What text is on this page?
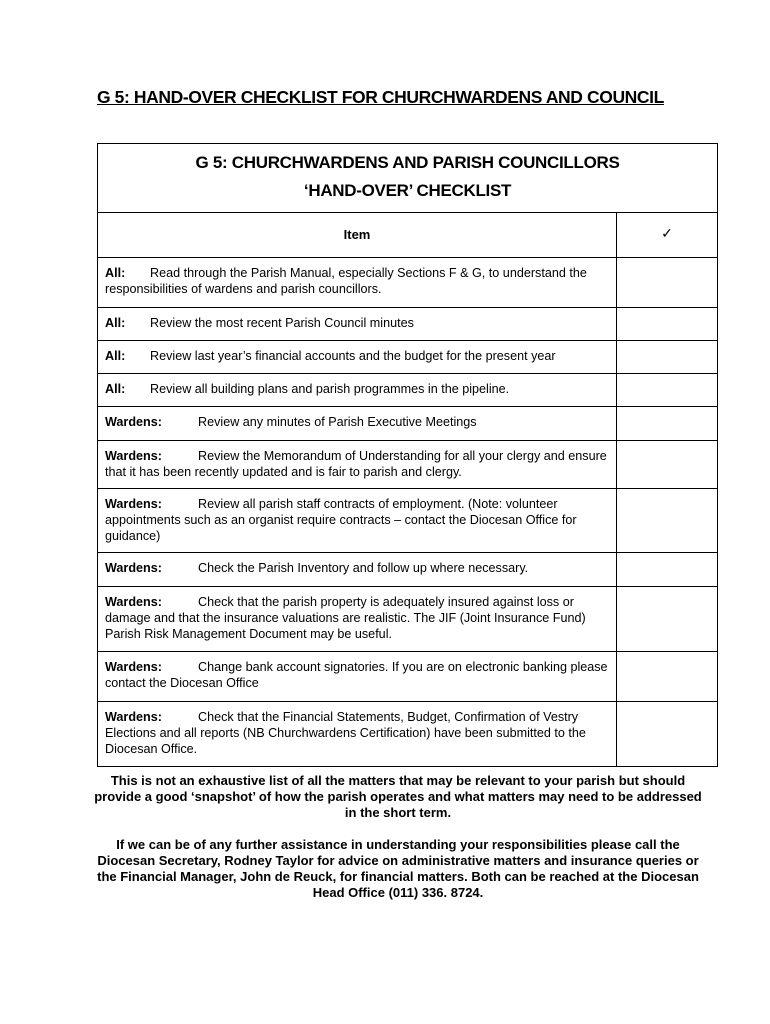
G 5: HAND-OVER CHECKLIST FOR CHURCHWARDENS AND COUNCIL
G 5: CHURCHWARDENS AND PARISH COUNCILLORS
‘HAND-OVER’ CHECKLIST	

Item	✓
All: Read through the Parish Manual, especially Sections F & G, to understand the responsibilities of wardens and parish councillors.	
All: Review the most recent Parish Council minutes	
All: Review last year’s financial accounts and the budget for the present year	
All: Review all building plans and parish programmes in the pipeline.	
Wardens: Review any minutes of Parish Executive Meetings	
Wardens: Review the Memorandum of Understanding for all your clergy and ensure that it has been recently updated and is fair to parish and clergy.	
Wardens: Review all parish staff contracts of employment. (Note: volunteer appointments such as an organist require contracts – contact the Diocesan Office for guidance)	
Wardens: Check the Parish Inventory and follow up where necessary.	
Wardens: Check that the parish property is adequately insured against loss or damage and that the insurance valuations are realistic. The JIF (Joint Insurance Fund) Parish Risk Management Document may be useful.	
Wardens: Change bank account signatories. If you are on electronic banking please contact the Diocesan Office	
Wardens: Check that the Financial Statements, Budget, Confirmation of Vestry Elections and all reports (NB Churchwardens Certification) have been submitted to the Diocesan Office.	

This is not an exhaustive list of all the matters that may be relevant to your parish but should provide a good ‘snapshot’ of how the parish operates and what matters may need to be addressed in the short term.

If we can be of any further assistance in understanding your responsibilities please call the Diocesan Secretary, Rodney Taylor for advice on administrative matters and insurance queries or the Financial Manager, John de Reuck, for financial matters. Both can be reached at the Diocesan Head Office (011) 336. 8724.
